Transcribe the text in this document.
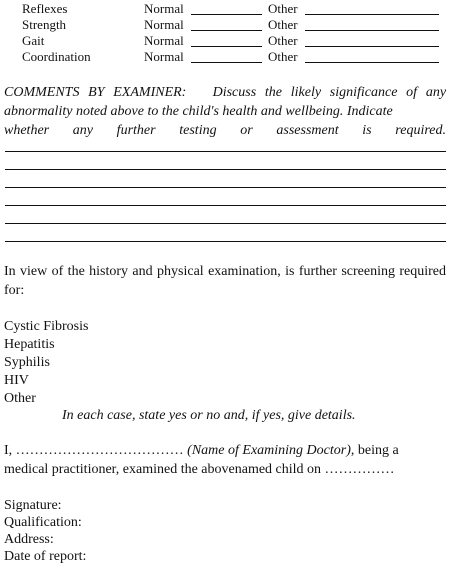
Reflexes	Normal	Other
Strength	Normal	Other
Gait	Normal	Other
Coordination	Normal	Other
COMMENTS BY EXAMINER: Discuss the likely significance of any abnormality noted above to the child's health and wellbeing. Indicate
whether any further testing or assessment is required.
In view of the history and physical examination, is further screening required for:
Cystic Fibrosis
Hepatitis
Syphilis
HIV
Other
In each case, state yes or no and, if yes, give details.
I, ……………………………… (Name of Examining Doctor), being a
medical practitioner, examined the abovenamed child on ……………
Signature:
Qualification:
Address:
Date of report:
